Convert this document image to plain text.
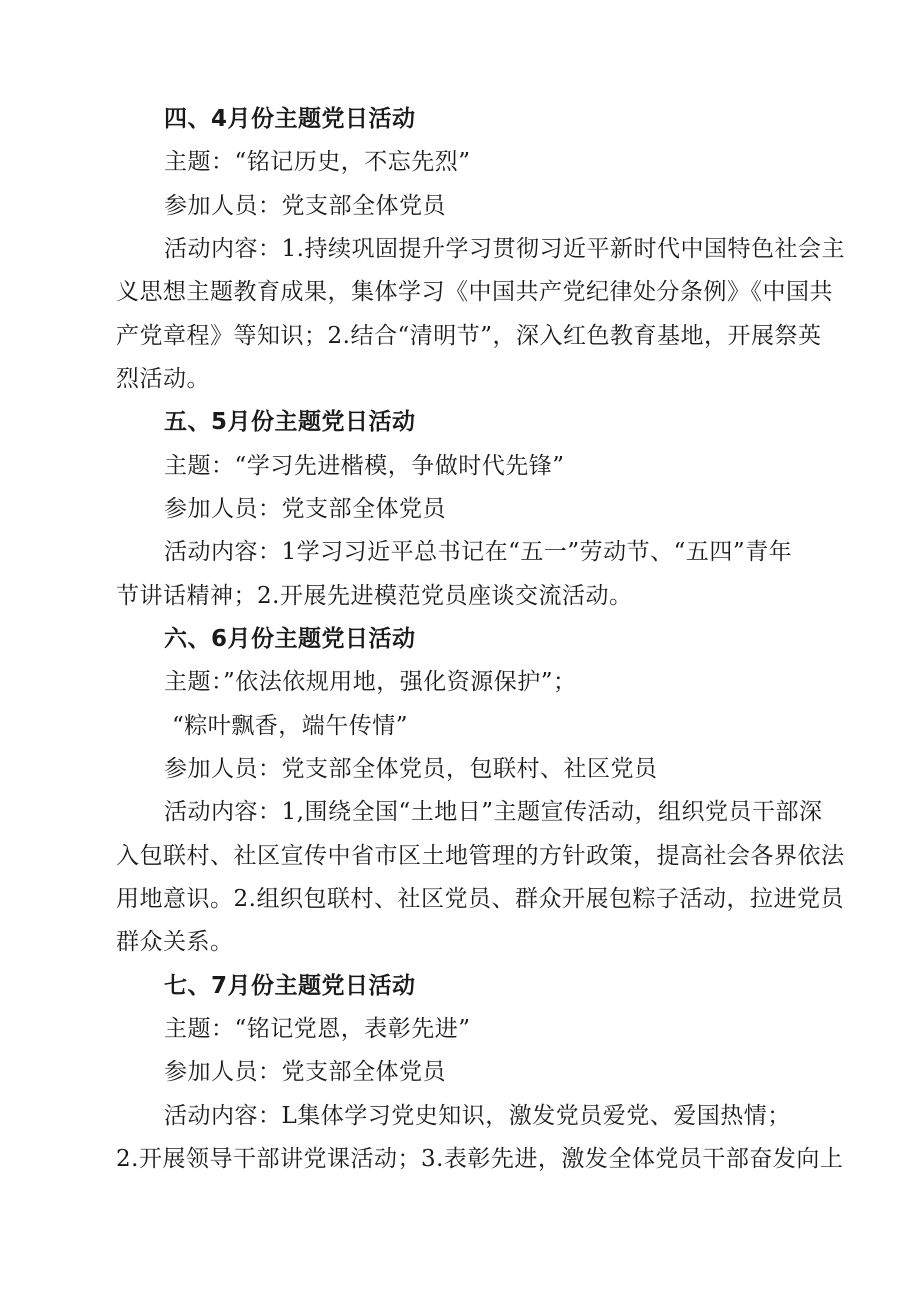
四、4月份主题党日活动
主题：“铭记历史，不忘先烈”
参加人员：党支部全体党员
活动内容：1.持续巩固提升学习贯彻习近平新时代中国特色社会主
义思想主题教育成果，集体学习《中国共产党纪律处分条例》《中国共
产党章程》等知识；2.结合“清明节”，深入红色教育基地，开展祭英
烈活动。
五、5月份主题党日活动
主题：“学习先进楷模，争做时代先锋”
参加人员：党支部全体党员
活动内容：1学习习近平总书记在“五一”劳动节、“五四”青年
节讲话精神；2.开展先进模范党员座谈交流活动。
六、6月份主题党日活动
主题：”依法依规用地，强化资源保护”；
“粽叶飘香，端午传情”
参加人员：党支部全体党员，包联村、社区党员
活动内容：1,围绕全国“土地日”主题宣传活动，组织党员干部深
入包联村、社区宣传中省市区土地管理的方针政策，提高社会各界依法
用地意识。2.组织包联村、社区党员、群众开展包粽子活动，拉进党员
群众关系。
七、7月份主题党日活动
主题：“铭记党恩，表彰先进”
参加人员：党支部全体党员
活动内容：L集体学习党史知识，激发党员爱党、爱国热情；
2.开展领导干部讲党课活动；3.表彰先进，激发全体党员干部奋发向上
